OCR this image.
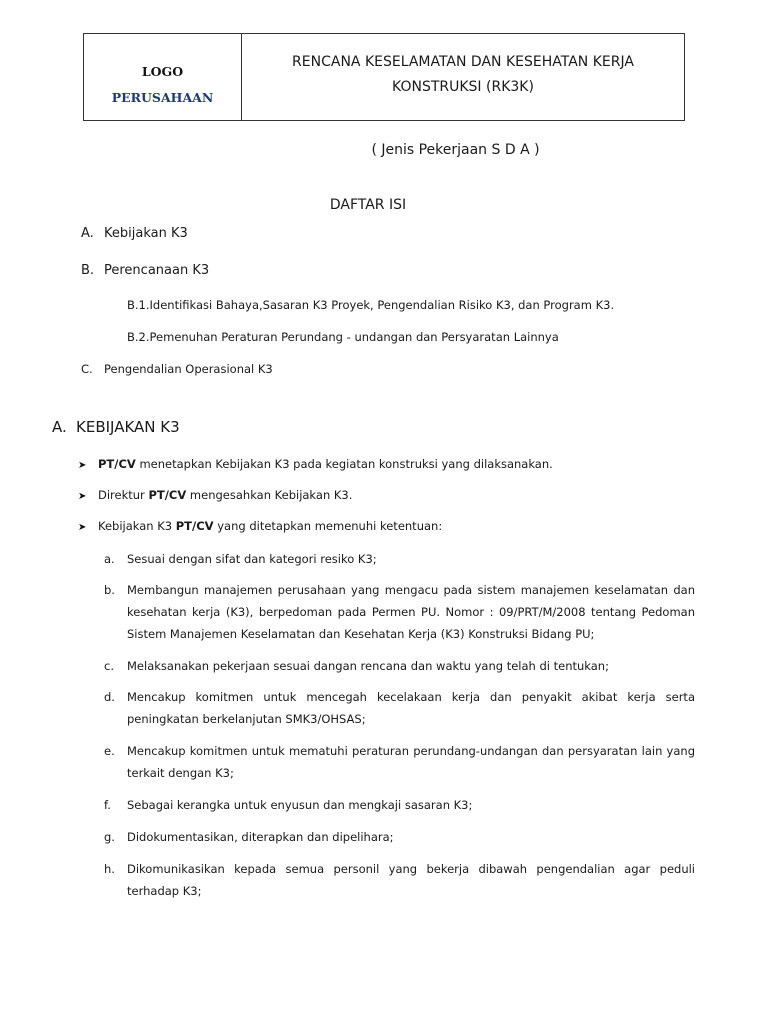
LOGO
PERUSAHAAN
RENCANA KESELAMATAN DAN KESEHATAN KERJA
KONSTRUKSI (RK3K)
( Jenis Pekerjaan S D A )
DAFTAR ISI
A. Kebijakan K3
B. Perencanaan K3
B.1.Identifikasi Bahaya,Sasaran K3 Proyek, Pengendalian Risiko K3, dan Program K3.
B.2.Pemenuhan Peraturan Perundang - undangan dan Persyaratan Lainnya
C. Pengendalian Operasional K3
A. KEBIJAKAN K3
➤ PT/CV menetapkan Kebijakan K3 pada kegiatan konstruksi yang dilaksanakan.
➤ Direktur PT/CV mengesahkan Kebijakan K3.
➤ Kebijakan K3 PT/CV yang ditetapkan memenuhi ketentuan:
a. Sesuai dengan sifat dan kategori resiko K3;
b. Membangun manajemen perusahaan yang mengacu pada sistem manajemen keselamatan dan kesehatan kerja (K3), berpedoman pada Permen PU. Nomor : 09/PRT/M/2008 tentang Pedoman Sistem Manajemen Keselamatan dan Kesehatan Kerja (K3) Konstruksi Bidang PU;
c. Melaksanakan pekerjaan sesuai dangan rencana dan waktu yang telah di tentukan;
d. Mencakup komitmen untuk mencegah kecelakaan kerja dan penyakit akibat kerja serta peningkatan berkelanjutan SMK3/OHSAS;
e. Mencakup komitmen untuk mematuhi peraturan perundang-undangan dan persyaratan lain yang terkait dengan K3;
f. Sebagai kerangka untuk enyusun dan mengkaji sasaran K3;
g. Didokumentasikan, diterapkan dan dipelihara;
h. Dikomunikasikan kepada semua personil yang bekerja dibawah pengendalian agar peduli terhadap K3;
